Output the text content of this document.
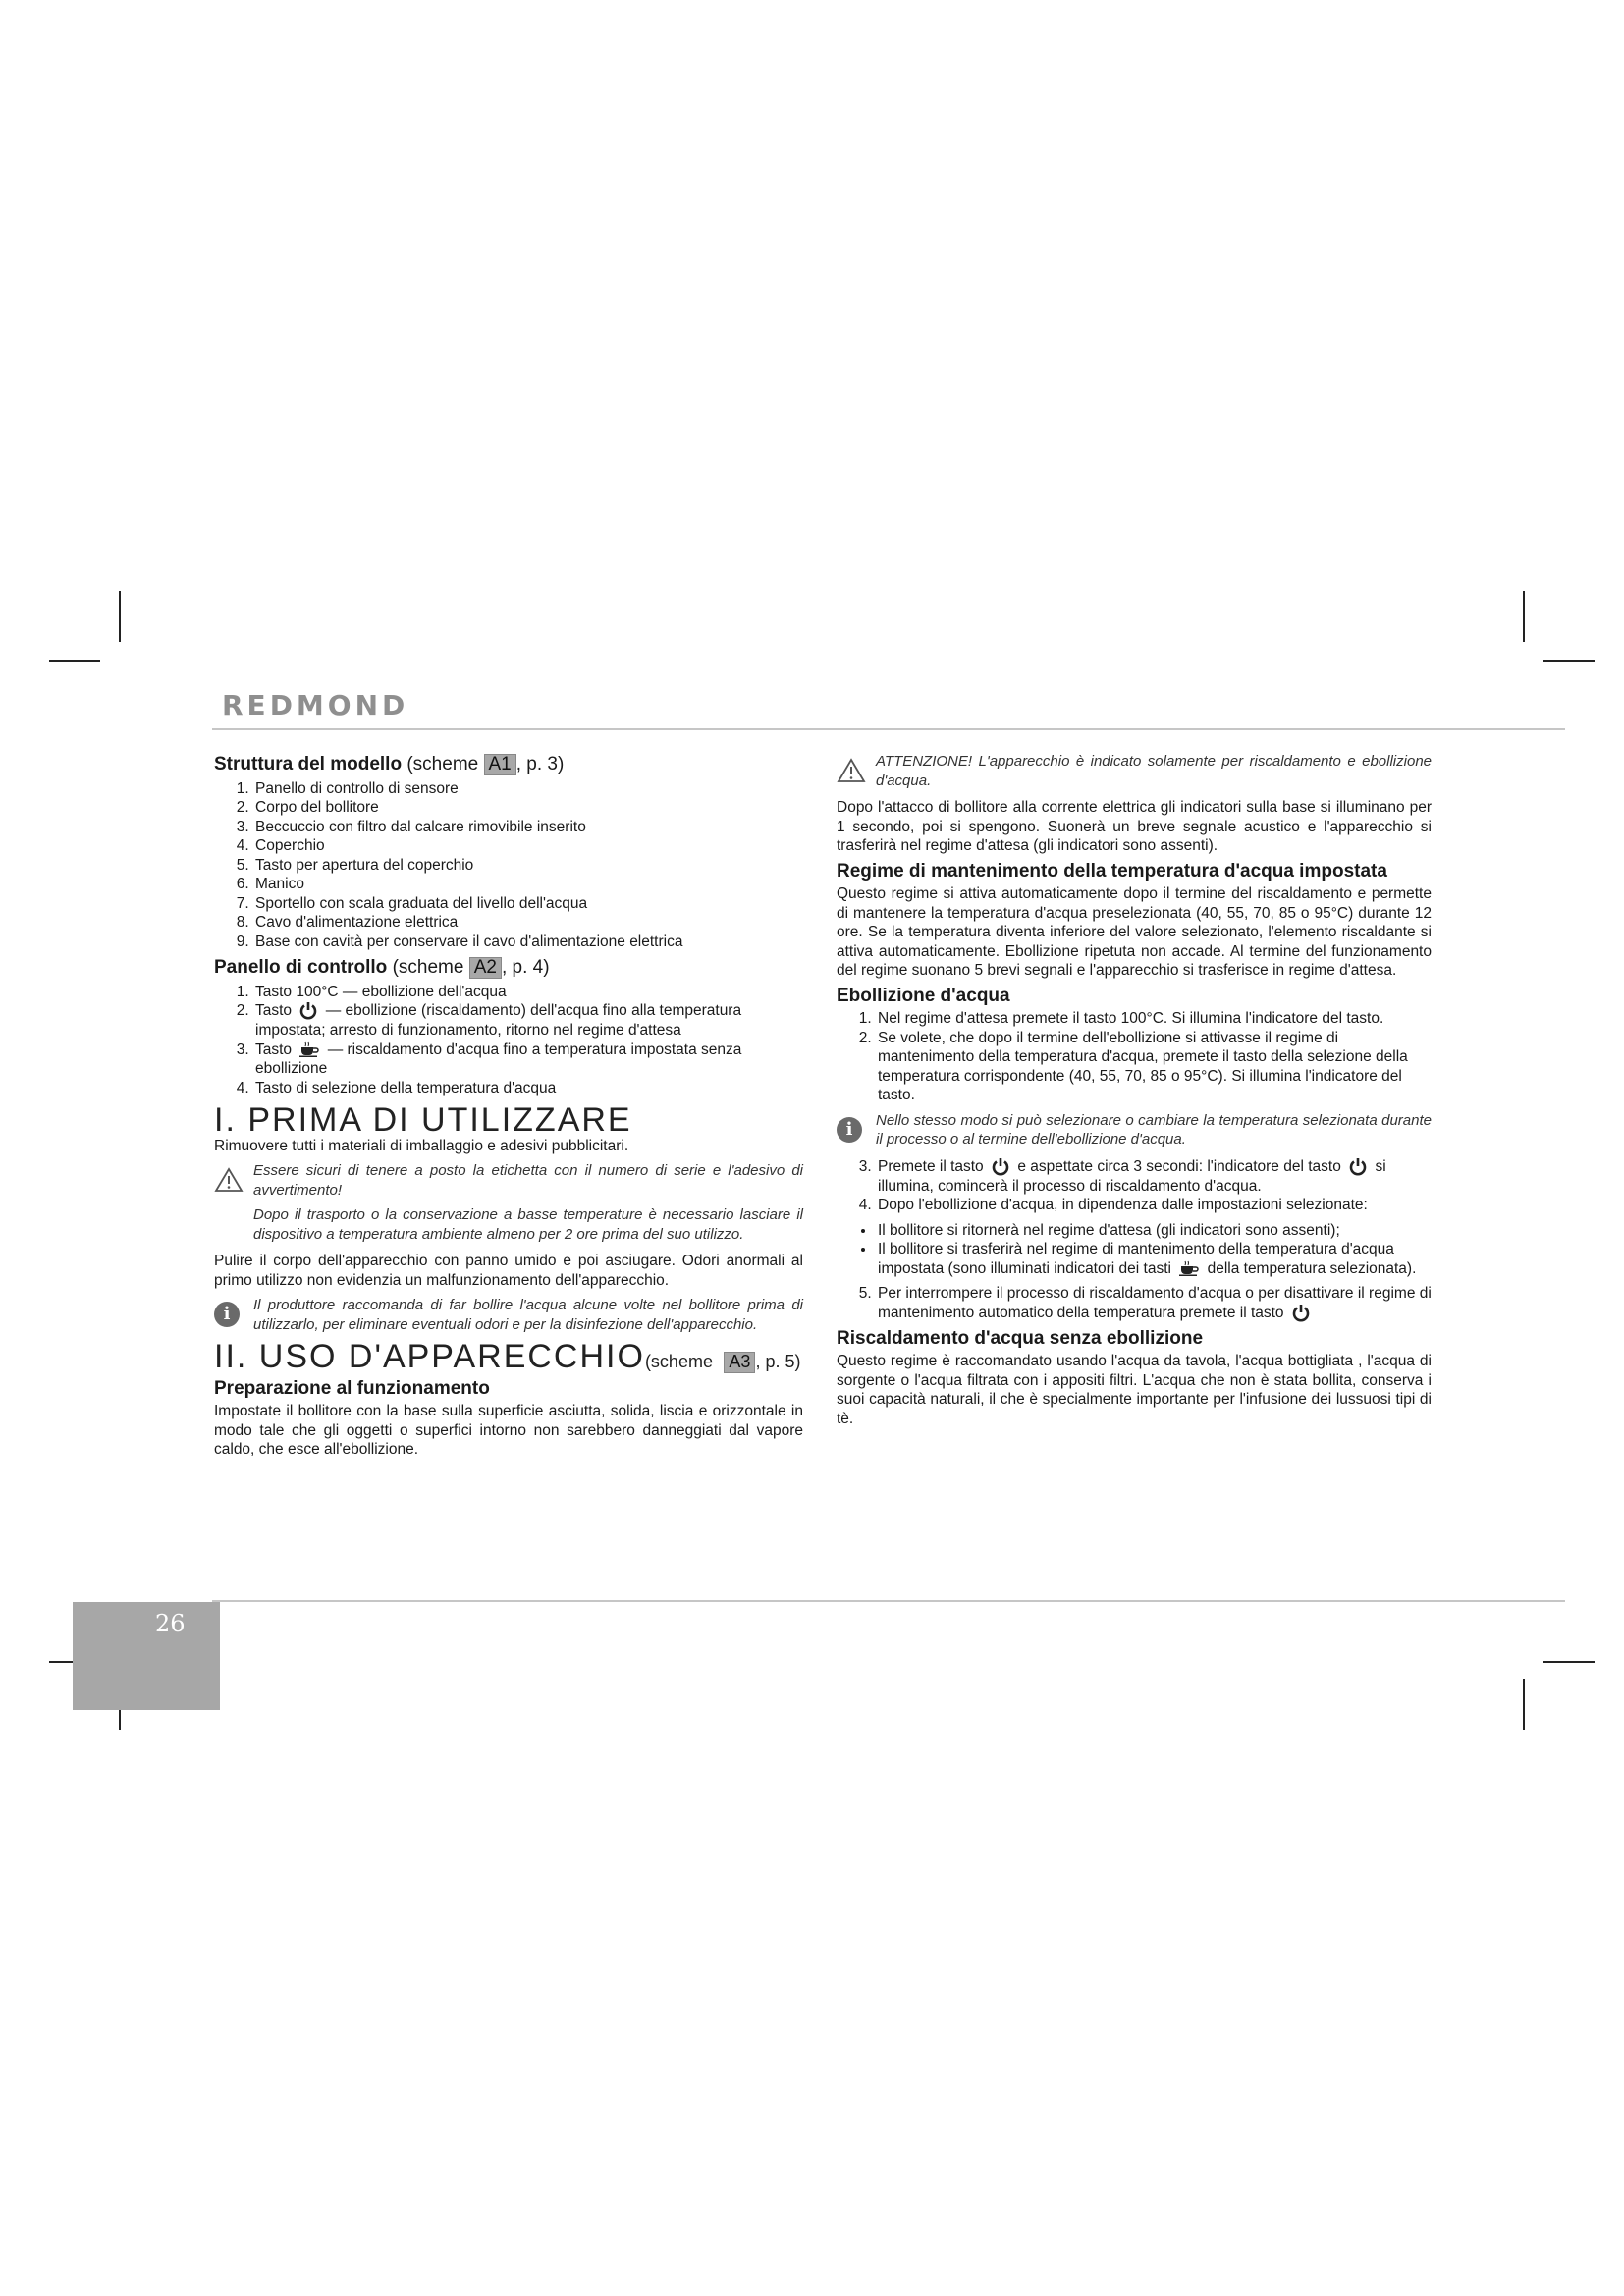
REDMOND
26
Struttura del modello (scheme A1 , p. 3)
1. Panello di controllo di sensore
2. Corpo del bollitore
3. Beccuccio con filtro dal calcare rimovibile inserito
4. Coperchio
5. Tasto per apertura del coperchio
6. Manico
7. Sportello con scala graduata del livello dell'acqua
8. Cavo d'alimentazione elettrica
9. Base con cavità per conservare il cavo d'alimentazione elettrica
Panello di controllo (scheme A2 , p. 4)
1. Tasto 100°C — ebollizione dell'acqua
2. Tasto — ebollizione (riscaldamento) dell'acqua fino alla temperatura impostata; arresto di funzionamento, ritorno nel regime d'attesa
3. Tasto — riscaldamento d'acqua fino a temperatura impostata senza ebollizione
4. Tasto di selezione della temperatura d'acqua
I. PRIMA DI UTILIZZARE

Rimuovere tutti i materiali di imballaggio e adesivi pubblicitari.

Essere sicuri di tenere a posto la etichetta con il numero di serie e l'adesivo di avvertimento!

Dopo il trasporto o la conservazione a basse temperature è necessario lasciare il dispositivo a temperatura ambiente almeno per 2 ore prima del suo utilizzo.

Pulire il corpo dell'apparecchio con panno umido e poi asciugare. Odori anormali al primo utilizzo non evidenzia un malfunzionamento dell'apparecchio.

i	Il produttore raccomanda di far bollire l'acqua alcune volte nel bollitore prima di utilizzarlo, per eliminare eventuali odori e per la disinfezione dell'apparecchio.

II. USO D'APPARECCHIO(scheme A3 , p. 5)
Preparazione al funzionamento

Impostate il bollitore con la base sulla superficie asciutta, solida, liscia e orizzontale in modo tale che gli oggetti o superfici intorno non sarebbero danneggiati dal vapore caldo, che esce all'ebollizione.

ATTENZIONE! L'apparecchio è indicato solamente per riscaldamento e ebollizione d'acqua.

Dopo l'attacco di bollitore alla corrente elettrica gli indicatori sulla base si illuminano per 1 secondo, poi si spengono. Suonerà un breve segnale acustico e l'apparecchio si trasferirà nel regime d'attesa (gli indicatori sono assenti).

Regime di mantenimento della temperatura d'acqua impostata

Questo regime si attiva automaticamente dopo il termine del riscaldamento e permette di mantenere la temperatura d'acqua preselezionata (40, 55, 70, 85 o 95°C) durante 12 ore. Se la temperatura diventa inferiore del valore selezionato, l'elemento riscaldante si attiva automaticamente. Ebollizione ripetuta non accade. Al termine del funzionamento del regime suonano 5 brevi segnali e l'apparecchio si trasferisce in regime d'attesa.

Ebollizione d'acqua
1. Nel regime d'attesa premete il tasto 100°C. Si illumina l'indicatore del tasto.
2. Se volete, che dopo il termine dell'ebollizione si attivasse il regime di mantenimento della temperatura d'acqua, premete il tasto della selezione della temperatura corrispondente (40, 55, 70, 85 o 95°C). Si illumina l'indicatore del tasto.
i	Nello stesso modo si può selezionare o cambiare la temperatura selezionata durante il processo o al termine dell'ebollizione d'acqua.

3. Premete il tasto e aspettate circa 3 secondi: l'indicatore del tasto si illumina, comincerà il processo di riscaldamento d'acqua.
4. Dopo l'ebollizione d'acqua, in dipendenza dalle impostazioni selezionate:
• Il bollitore si ritornerà nel regime d'attesa (gli indicatori sono assenti);
• Il bollitore si trasferirà nel regime di mantenimento della temperatura d'acqua impostata (sono illuminati indicatori dei tasti della temperatura selezionata).
5. Per interrompere il processo di riscaldamento d'acqua o per disattivare il regime di mantenimento automatico della temperatura premete il tasto
Riscaldamento d'acqua senza ebollizione

Questo regime è raccomandato usando l'acqua da tavola, l'acqua bottigliata , l'acqua di sorgente o l'acqua filtrata con i appositi filtri. L'acqua che non è stata bollita, conserva i suoi capacità naturali, il che è specialmente importante per l'infusione dei lussuosi tipi di tè.
